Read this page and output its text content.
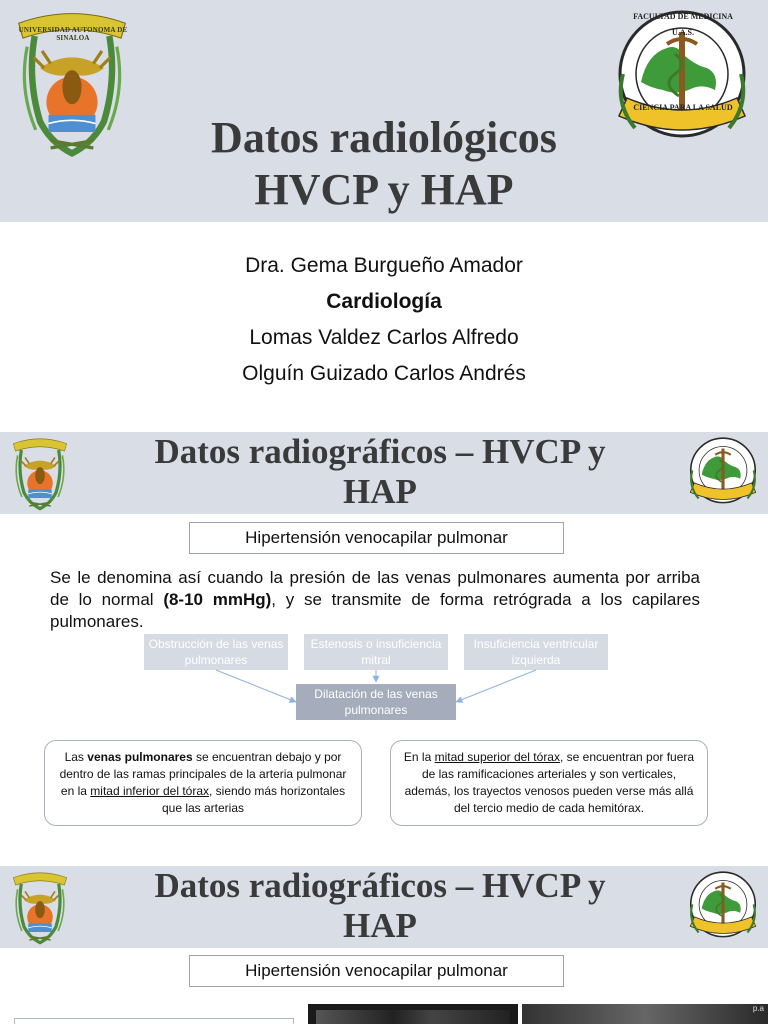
UNIVERSIDAD AUTONOMA DE SINALOA
FACULTAD DE MEDICINA
U.A.S.
CIENCIA PARA LA SALUD
Datos radiológicos
HVCP y HAP
Dra. Gema Burgueño Amador
Cardiología
Lomas Valdez Carlos Alfredo
Olguín Guizado Carlos Andrés
Datos radiográficos – HVCP y
HAP
Hipertensión venocapilar pulmonar

Se le denomina así cuando la presión de las venas pulmonares aumenta por arriba de lo normal (8-10 mmHg), y se transmite de forma retrógrada a los capilares pulmonares.

Obstrucción de las venas pulmonares
Estenosis o insuficiencia mitral
Insuficiencia ventricular izquierda
Dilatación de las venas pulmonares
Las venas pulmonares se encuentran debajo y por dentro de las ramas principales de la arteria pulmonar en la mitad inferior del tórax, siendo más horizontales que las arterias
En la mitad superior del tórax, se encuentran por fuera de las ramificaciones arteriales y son verticales, además, los trayectos venosos pueden verse más allá del tercio medio de cada hemitórax.
Datos radiográficos – HVCP y
HAP
Hipertensión venocapilar pulmonar
p.a
